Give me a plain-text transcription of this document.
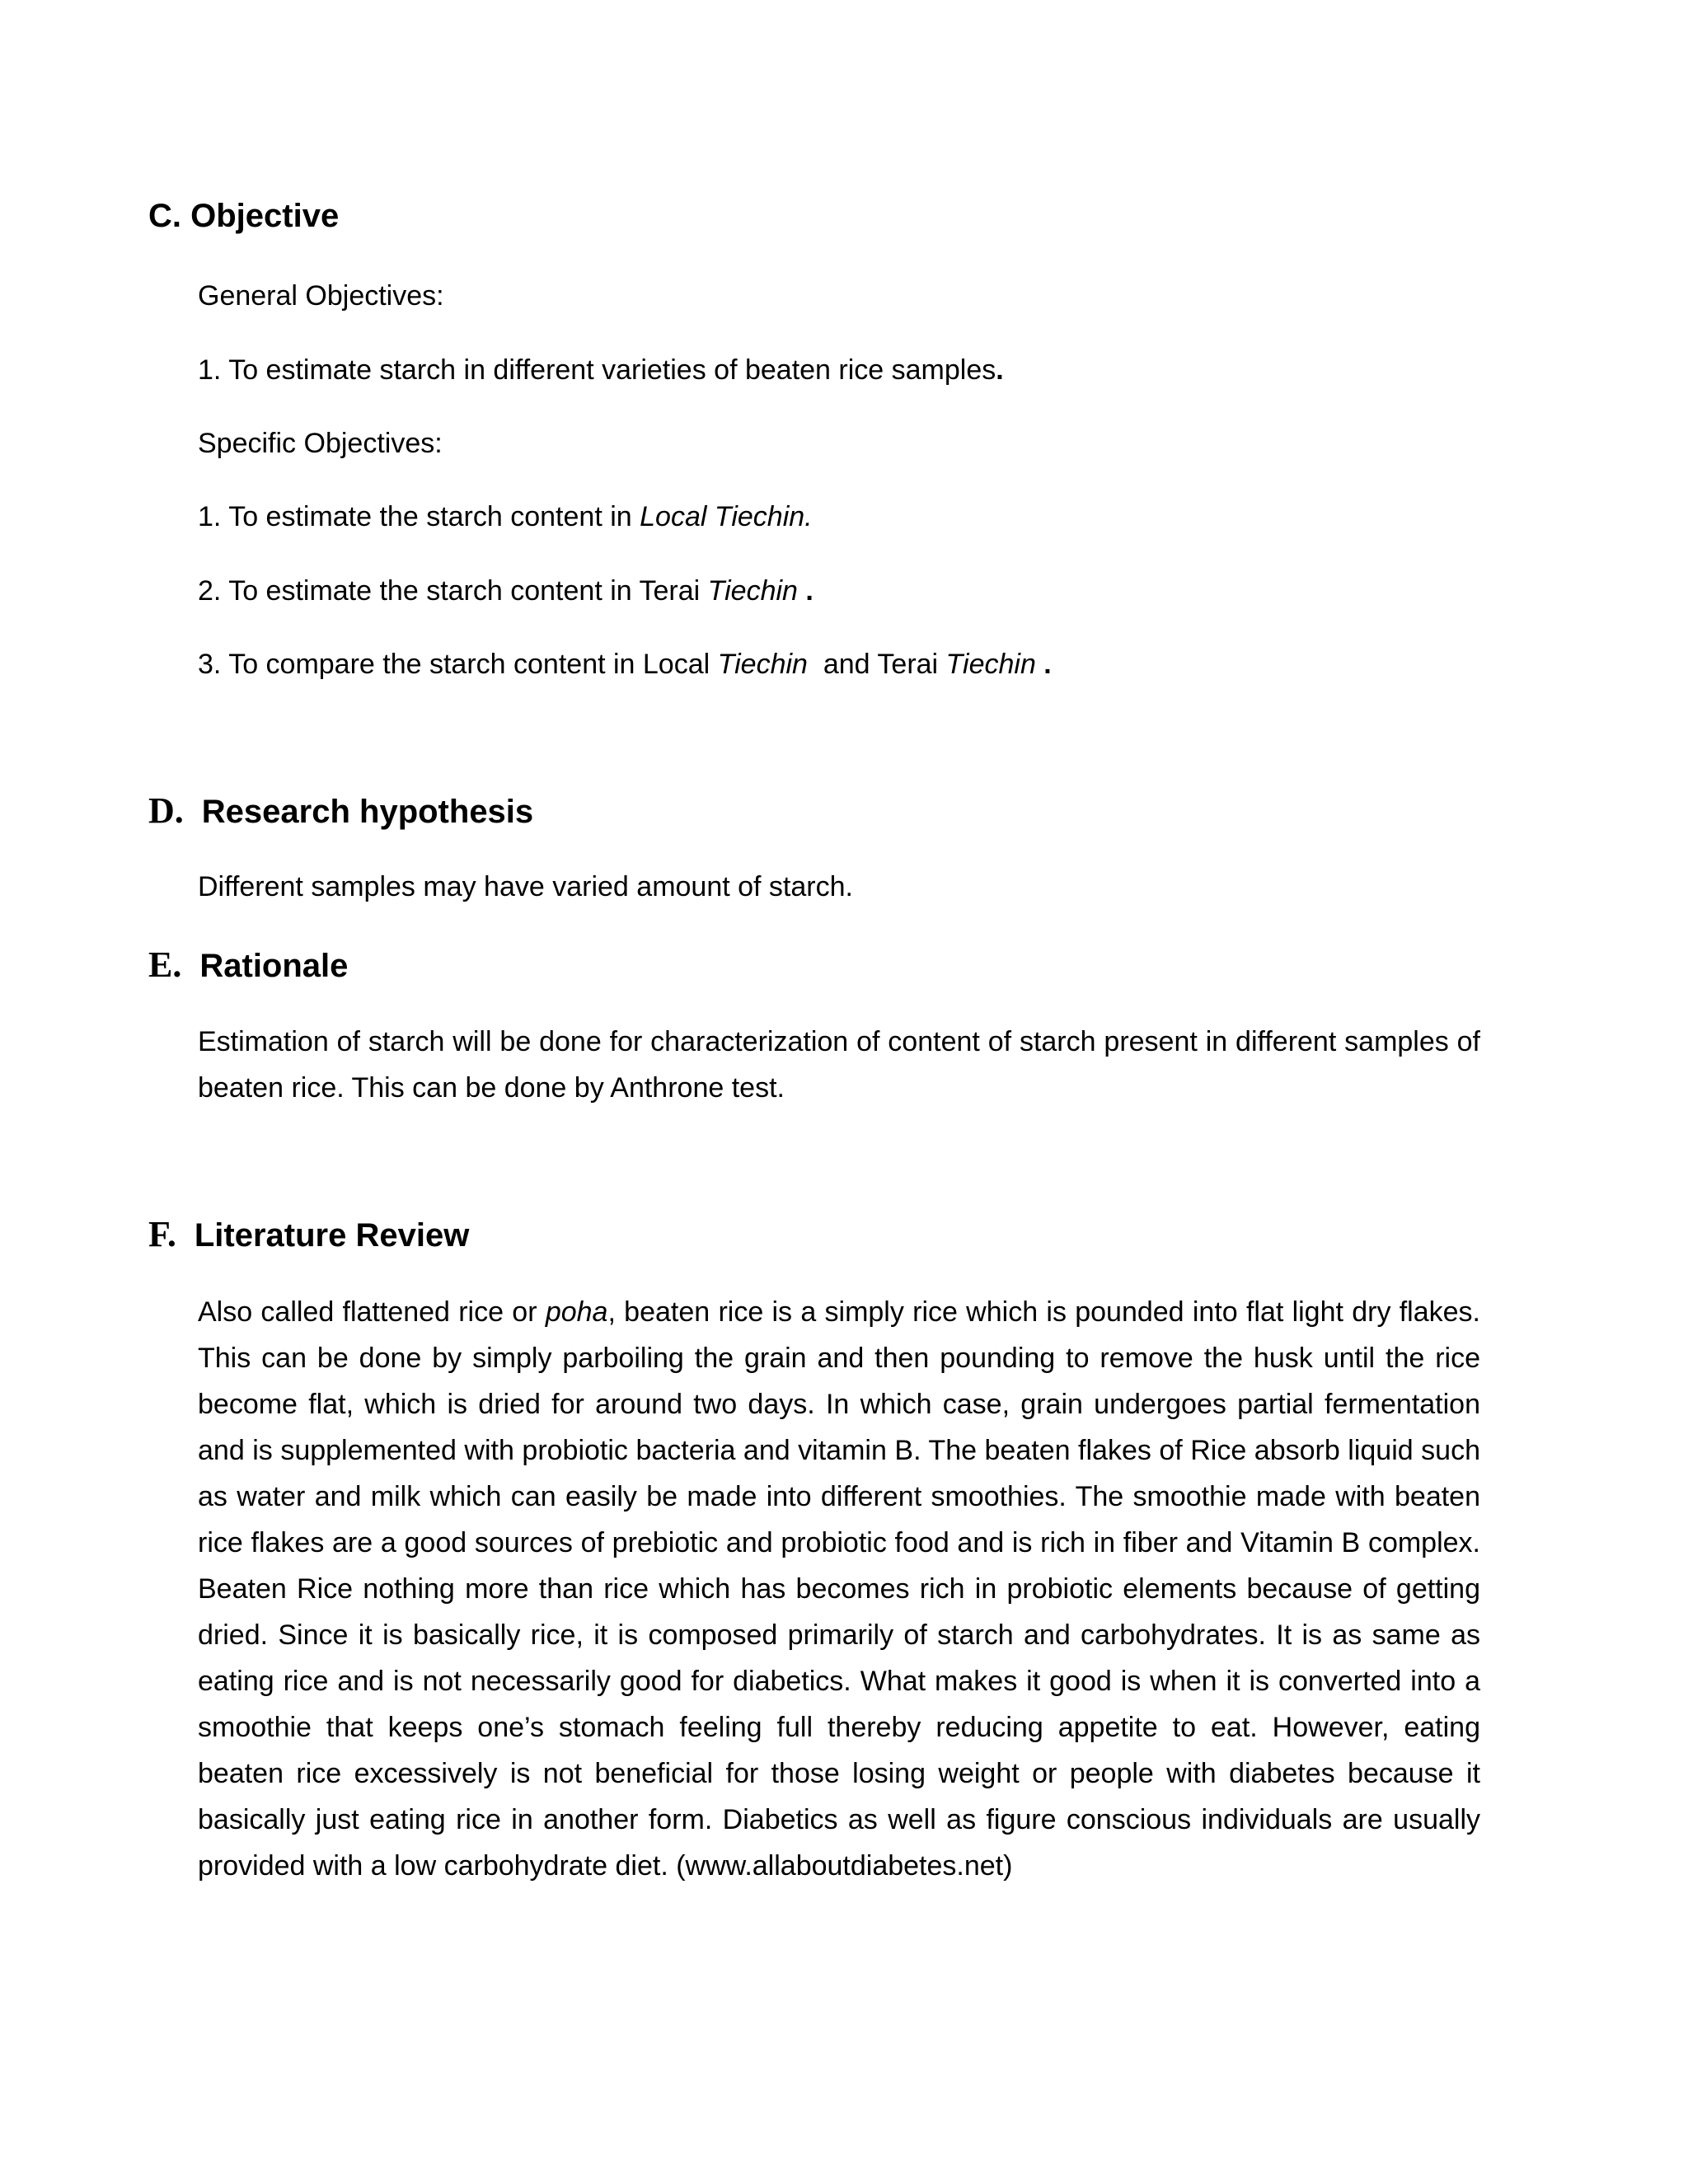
C. Objective

General Objectives:

1. To estimate starch in different varieties of beaten rice samples.

Specific Objectives:

1. To estimate the starch content in Local Tiechin.

2. To estimate the starch content in Terai Tiechin .

3. To compare the starch content in Local Tiechin  and Terai Tiechin .

D. Research hypothesis

Different samples may have varied amount of starch.

E. Rationale

Estimation of starch will be done for characterization of content of starch present in different samples of beaten rice. This can be done by Anthrone test.

F. Literature Review

Also called flattened rice or poha, beaten rice is a simply rice which is pounded into flat light dry flakes. This can be done by simply parboiling the grain and then pounding to remove the husk until the rice become flat, which is dried for around two days. In which case, grain undergoes partial fermentation and is supplemented with probiotic bacteria and vitamin B. The beaten flakes of Rice absorb liquid such as water and milk which can easily be made into different smoothies. The smoothie made with beaten rice flakes are a good sources of prebiotic and probiotic food and is rich in fiber and Vitamin B complex. Beaten Rice nothing more than rice which has becomes rich in probiotic elements because of getting dried. Since it is basically rice, it is composed primarily of starch and carbohydrates. It is as same as eating rice and is not necessarily good for diabetics. What makes it good is when it is converted into a smoothie that keeps one’s stomach feeling full thereby reducing appetite to eat. However, eating beaten rice excessively is not beneficial for those losing weight or people with diabetes because it basically just eating rice in another form. Diabetics as well as figure conscious individuals are usually provided with a low carbohydrate diet. (www.allaboutdiabetes.net)
